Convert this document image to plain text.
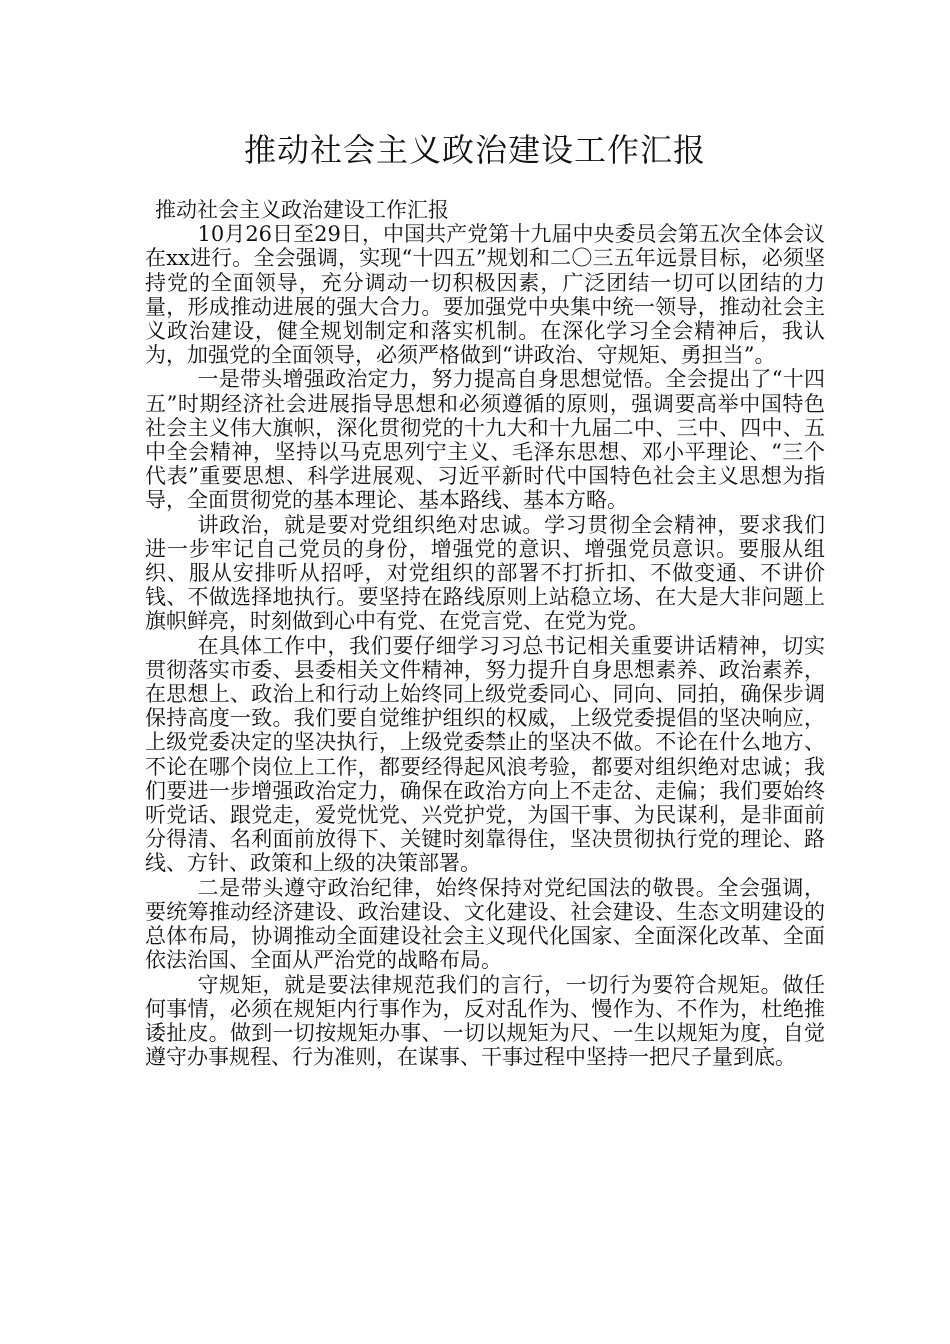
推动社会主义政治建设工作汇报

推动社会主义政治建设工作汇报

10月26日至29日，中国共产党第十九届中央委员会第五次全体会议在xx进行。全会强调，实现“十四五”规划和二〇三五年远景目标，必须坚持党的全面领导，充分调动一切积极因素，广泛团结一切可以团结的力量，形成推动进展的强大合力。要加强党中央集中统一领导，推动社会主义政治建设，健全规划制定和落实机制。在深化学习全会精神后，我认为，加强党的全面领导，必须严格做到“讲政治、守规矩、勇担当”。

一是带头增强政治定力，努力提高自身思想觉悟。全会提出了“十四五”时期经济社会进展指导思想和必须遵循的原则，强调要高举中国特色社会主义伟大旗帜，深化贯彻党的十九大和十九届二中、三中、四中、五中全会精神，坚持以马克思列宁主义、毛泽东思想、邓小平理论、“三个代表”重要思想、科学进展观、习近平新时代中国特色社会主义思想为指导，全面贯彻党的基本理论、基本路线、基本方略。

讲政治，就是要对党组织绝对忠诚。学习贯彻全会精神，要求我们进一步牢记自己党员的身份，增强党的意识、增强党员意识。要服从组织、服从安排听从招呼，对党组织的部署不打折扣、不做变通、不讲价钱、不做选择地执行。要坚持在路线原则上站稳立场、在大是大非问题上旗帜鲜亮，时刻做到心中有党、在党言党、在党为党。

在具体工作中，我们要仔细学习习总书记相关重要讲话精神，切实贯彻落实市委、县委相关文件精神，努力提升自身思想素养、政治素养，在思想上、政治上和行动上始终同上级党委同心、同向、同拍，确保步调保持高度一致。我们要自觉维护组织的权威，上级党委提倡的坚决响应，上级党委决定的坚决执行，上级党委禁止的坚决不做。不论在什么地方、不论在哪个岗位上工作，都要经得起风浪考验，都要对组织绝对忠诚；我们要进一步增强政治定力，确保在政治方向上不走岔、走偏；我们要始终听党话、跟党走，爱党忧党、兴党护党，为国干事、为民谋利，是非面前分得清、名利面前放得下、关键时刻靠得住，坚决贯彻执行党的理论、路线、方针、政策和上级的决策部署。

二是带头遵守政治纪律，始终保持对党纪国法的敬畏。全会强调，要统筹推动经济建设、政治建设、文化建设、社会建设、生态文明建设的总体布局，协调推动全面建设社会主义现代化国家、全面深化改革、全面依法治国、全面从严治党的战略布局。

守规矩，就是要法律规范我们的言行，一切行为要符合规矩。做任何事情，必须在规矩内行事作为，反对乱作为、慢作为、不作为，杜绝推诿扯皮。做到一切按规矩办事、一切以规矩为尺、一生以规矩为度，自觉遵守办事规程、行为准则，在谋事、干事过程中坚持一把尺子量到底。
